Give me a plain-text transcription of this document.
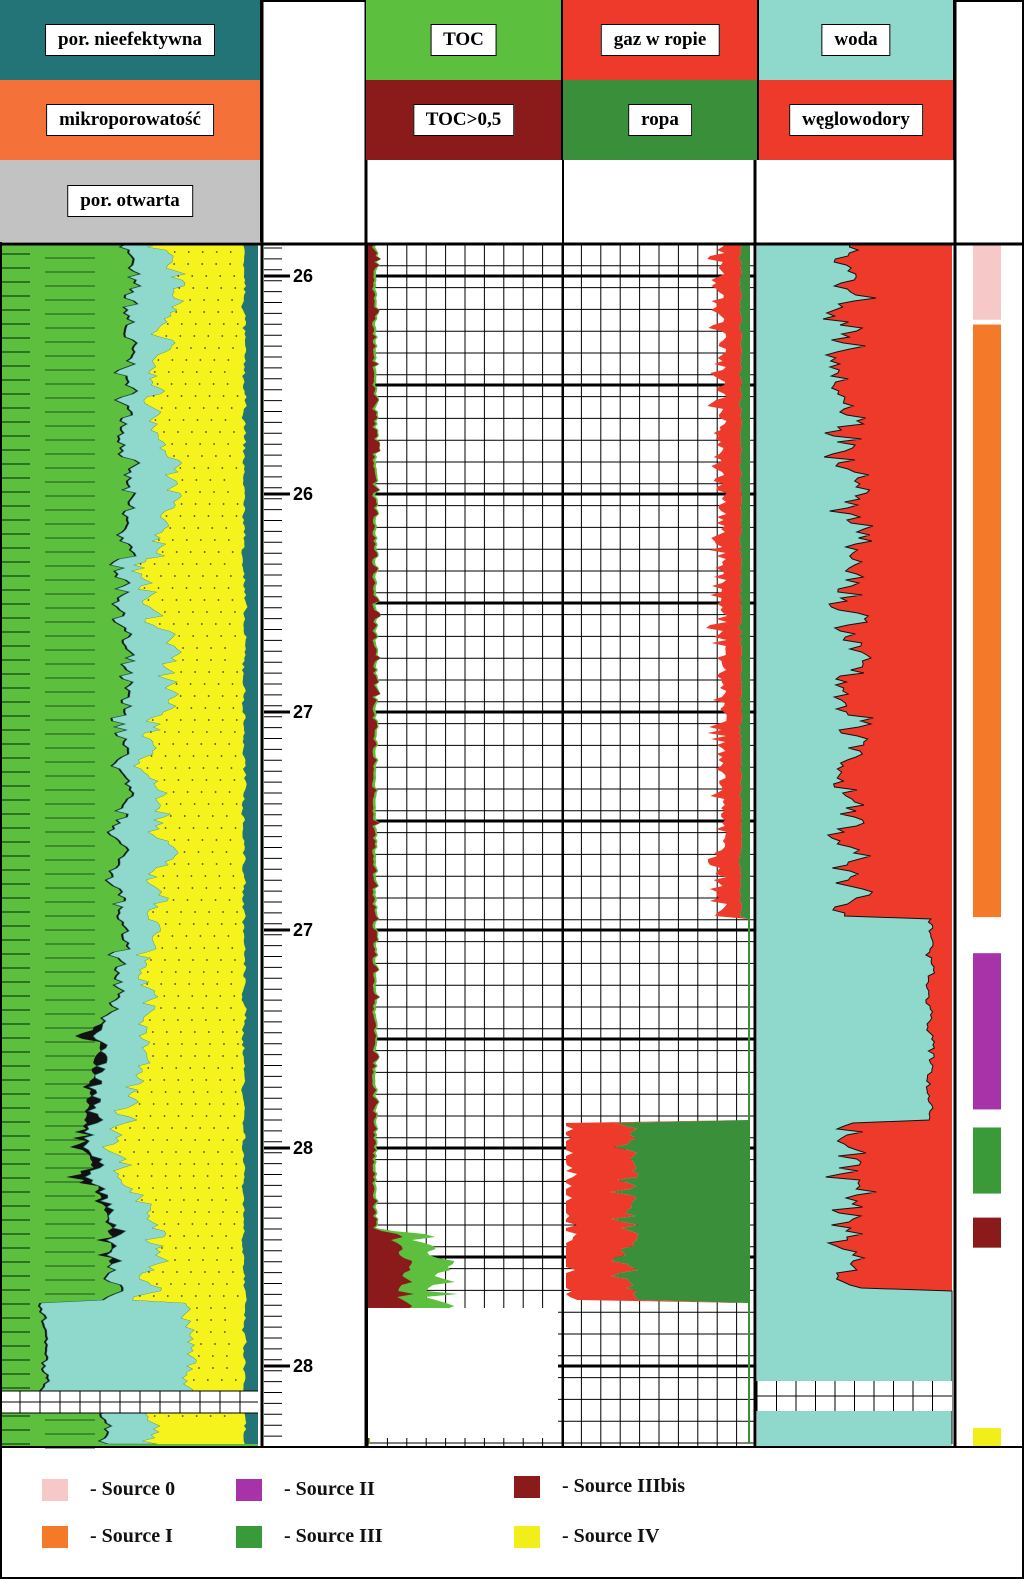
por. nieefektywna
mikroporowatość
por. otwarta
TOC
TOC>0,5
gaz w ropie
ropa
woda
węglowodory
26
26
27
27
28
28
- Source 0
- Source I
- Source II
- Source III
- Source IIIbis
- Source IV
